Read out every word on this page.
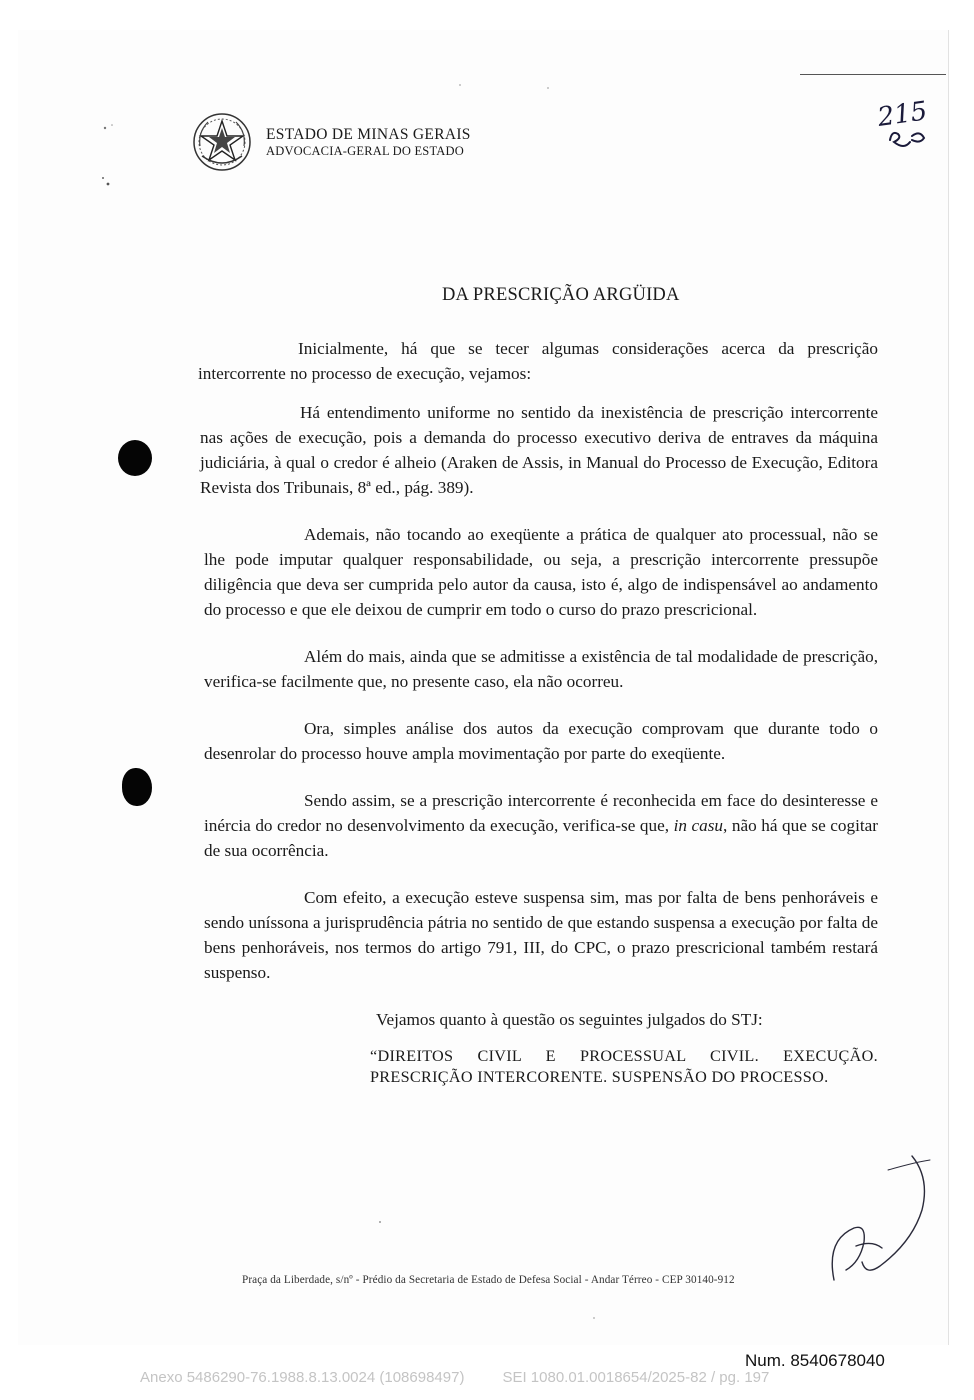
ESTADO DE MINAS GERAIS
ADVOCACIA-GERAL DO ESTADO
215
DA PRESCRIÇÃO ARGÜIDA

Inicialmente, há que se tecer algumas considerações acerca da prescrição intercorrente no processo de execução, vejamos:

Há entendimento uniforme no sentido da inexistência de prescrição intercorrente nas ações de execução, pois a demanda do processo executivo deriva de entraves da máquina judiciária, à qual o credor é alheio (Araken de Assis, in Manual do Processo de Execução, Editora Revista dos Tribunais, 8ª ed., pág. 389).

Ademais, não tocando ao exeqüente a prática de qualquer ato processual, não se lhe pode imputar qualquer responsabilidade, ou seja, a prescrição intercorrente pressupõe diligência que deva ser cumprida pelo autor da causa, isto é, algo de indispensável ao andamento do processo e que ele deixou de cumprir em todo o curso do prazo prescricional.

Além do mais, ainda que se admitisse a existência de tal modalidade de prescrição, verifica-se facilmente que, no presente caso, ela não ocorreu.

Ora, simples análise dos autos da execução comprovam que durante todo o desenrolar do processo houve ampla movimentação por parte do exeqüente.

Sendo assim, se a prescrição intercorrente é reconhecida em face do desinteresse e inércia do credor no desenvolvimento da execução, verifica-se que, in casu, não há que se cogitar de sua ocorrência.

Com efeito, a execução esteve suspensa sim, mas por falta de bens penhoráveis e sendo uníssona a jurisprudência pátria no sentido de que estando suspensa a execução por falta de bens penhoráveis, nos termos do artigo 791, III, do CPC, o prazo prescricional também restará suspenso.

Vejamos quanto à questão os seguintes julgados do STJ:

“DIREITOS CIVIL E PROCESSUAL CIVIL. EXECUÇÃO. PRESCRIÇÃO INTERCORENTE. SUSPENSÃO DO PROCESSO.
Praça da Liberdade, s/nº - Prédio da Secretaria de Estado de Defesa Social - Andar Térreo - CEP 30140-912
Num. 8540678040
Anexo 5486290-76.1988.8.13.0024 (108698497)	SEI 1080.01.0018654/2025-82 / pg. 197
